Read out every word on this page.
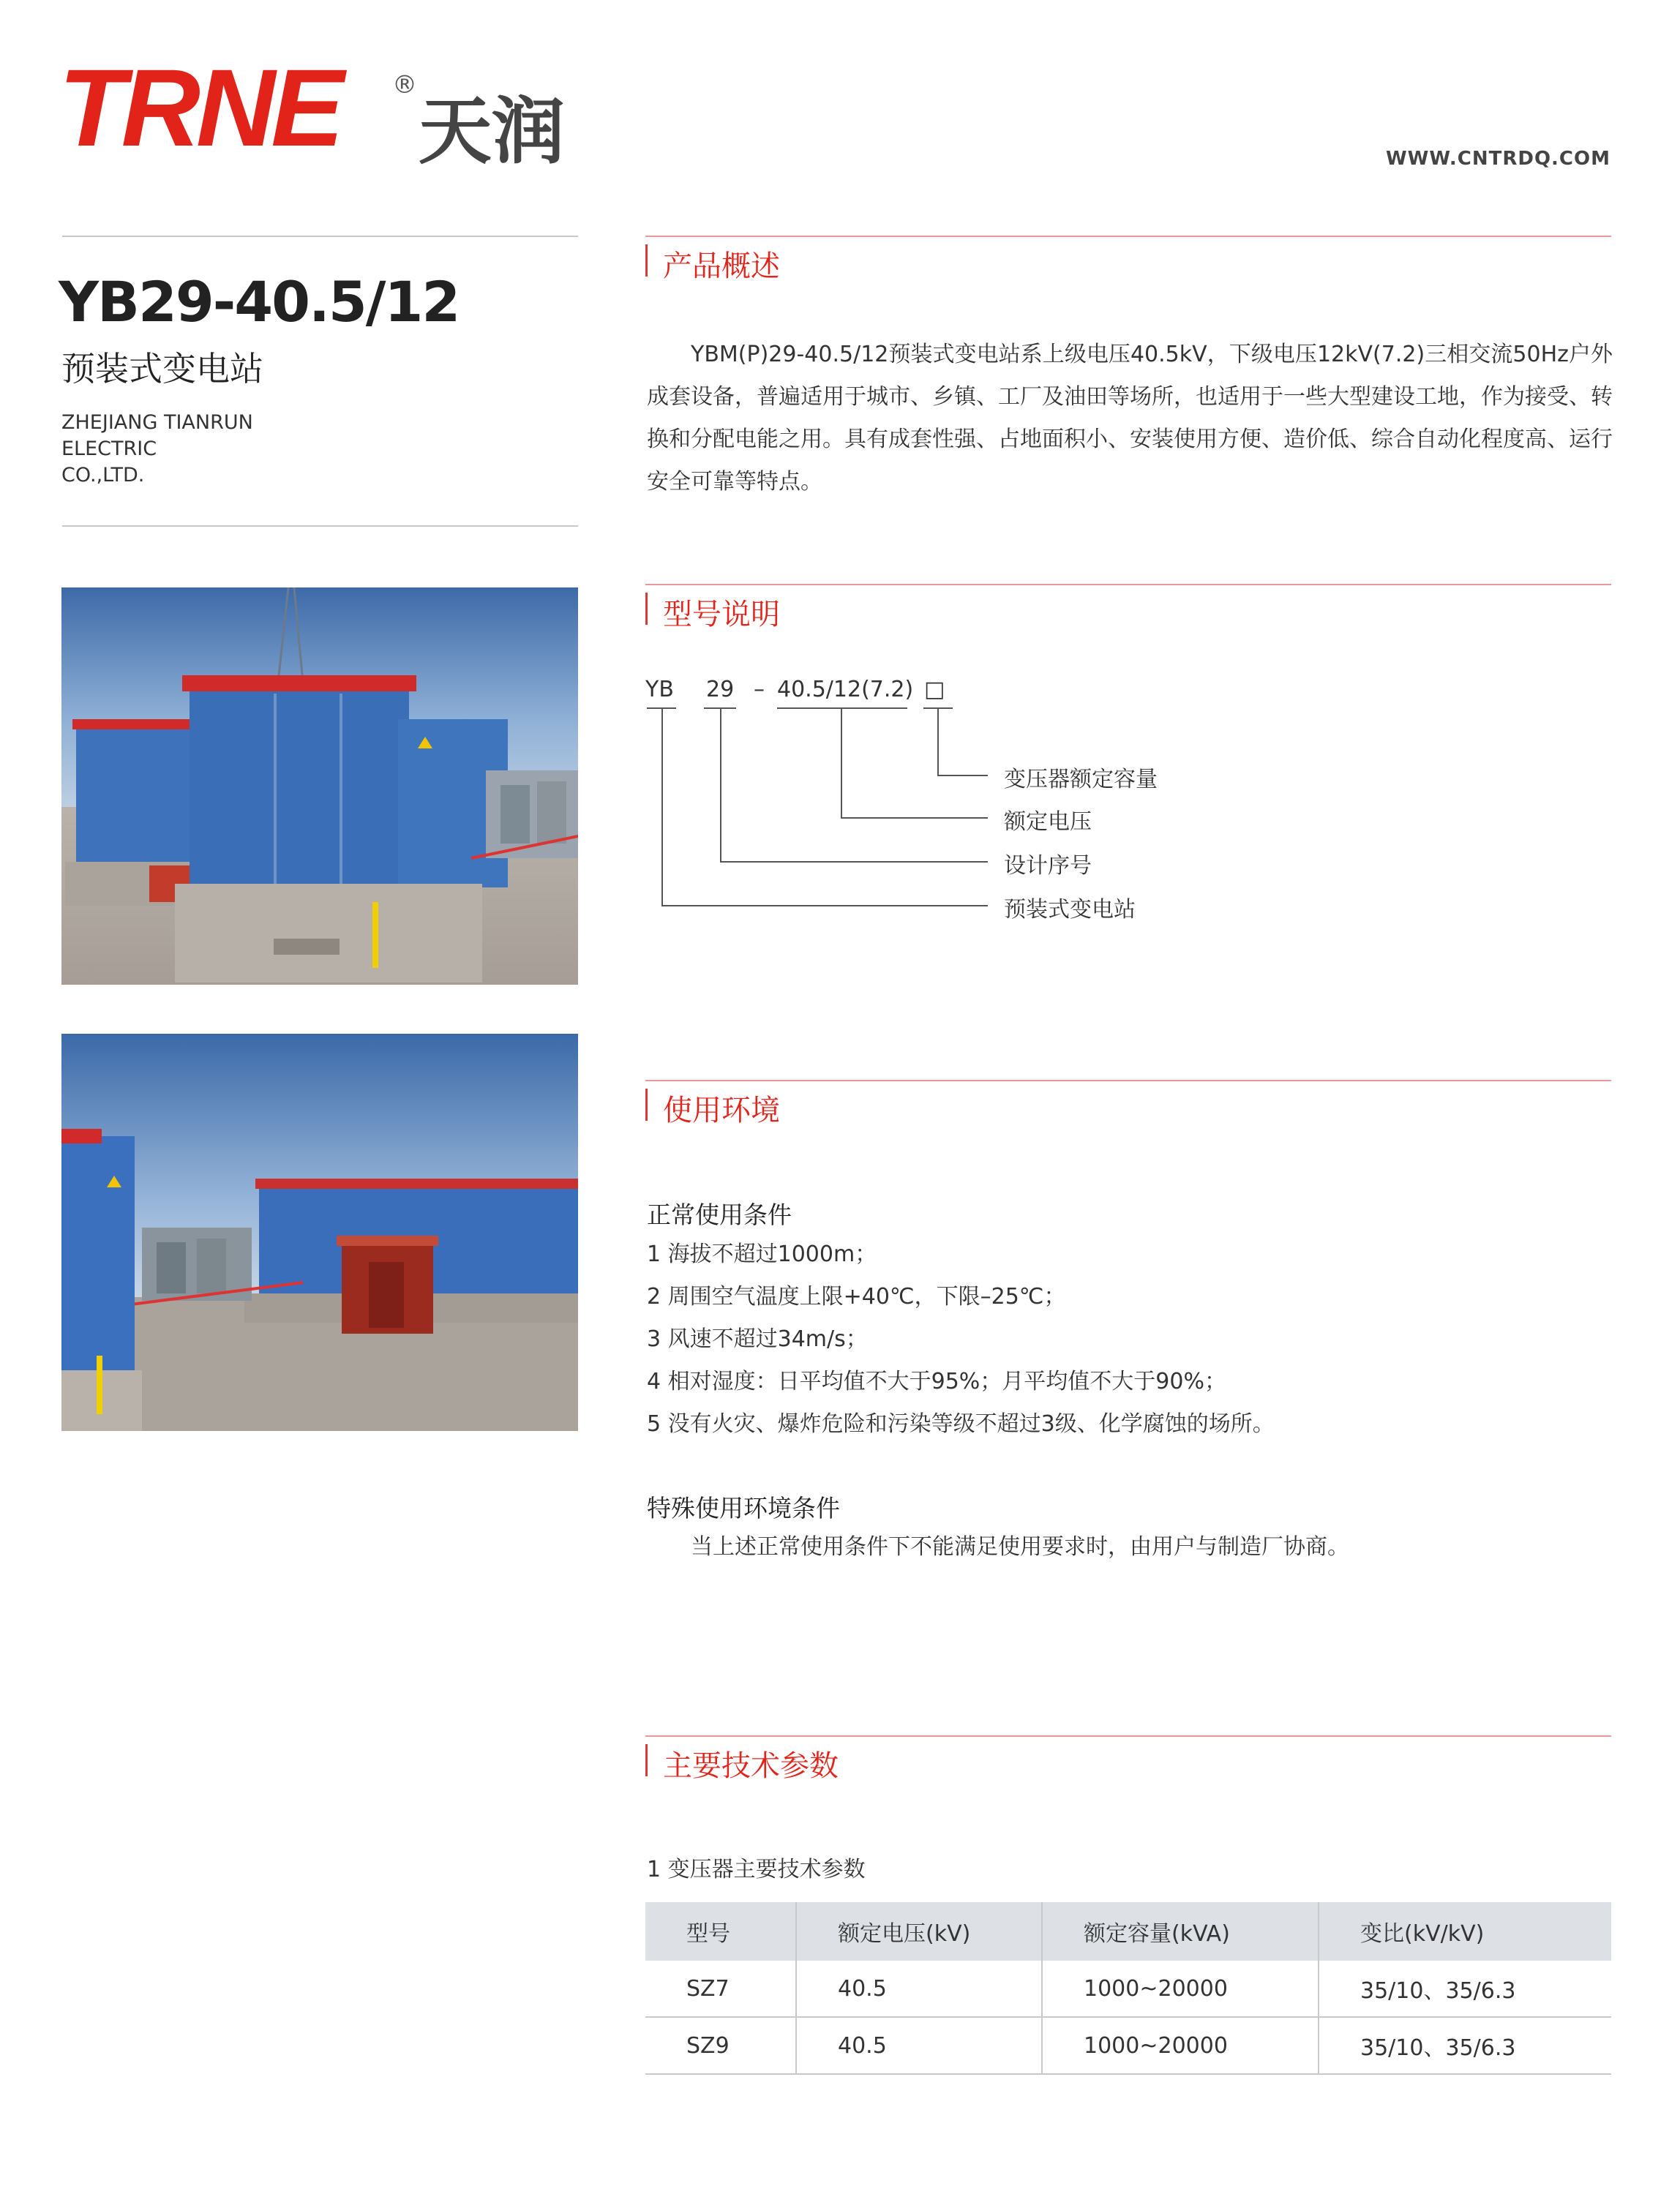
TRNE ®
天润	WWW.CNTRDQ.COM
YB29-40.5/12
预装式变电站
ZHEJIANG TIANRUN
ELECTRIC
CO.,LTD.
产品概述
YBM(P)29-40.5/12预装式变电站系上级电压40.5kV，下级电压12kV(7.2)三相交流50Hz户外成套设备，普遍适用于城市、乡镇、工厂及油田等场所，也适用于一些大型建设工地，作为接受、转换和分配电能之用。具有成套性强、占地面积小、安装使用方便、造价低、综合自动化程度高、运行安全可靠等特点。
型号说明
YB 29 – 40.5/12(7.2) □
变压器额定容量
额定电压
设计序号
预装式变电站
使用环境
正常使用条件
1 海拔不超过1000m；
2 周围空气温度上限+40℃，下限–25℃；
3 风速不超过34m/s；
4 相对湿度：日平均值不大于95%；月平均值不大于90%；
5 没有火灾、爆炸危险和污染等级不超过3级、化学腐蚀的场所。
特殊使用环境条件
当上述正常使用条件下不能满足使用要求时，由用户与制造厂协商。
主要技术参数
1 变压器主要技术参数
型号	额定电压(kV)	额定容量(kVA)	变比(kV/kV)
SZ7	40.5	1000~20000	35/10、35/6.3
SZ9	40.5	1000~20000	35/10、35/6.3
